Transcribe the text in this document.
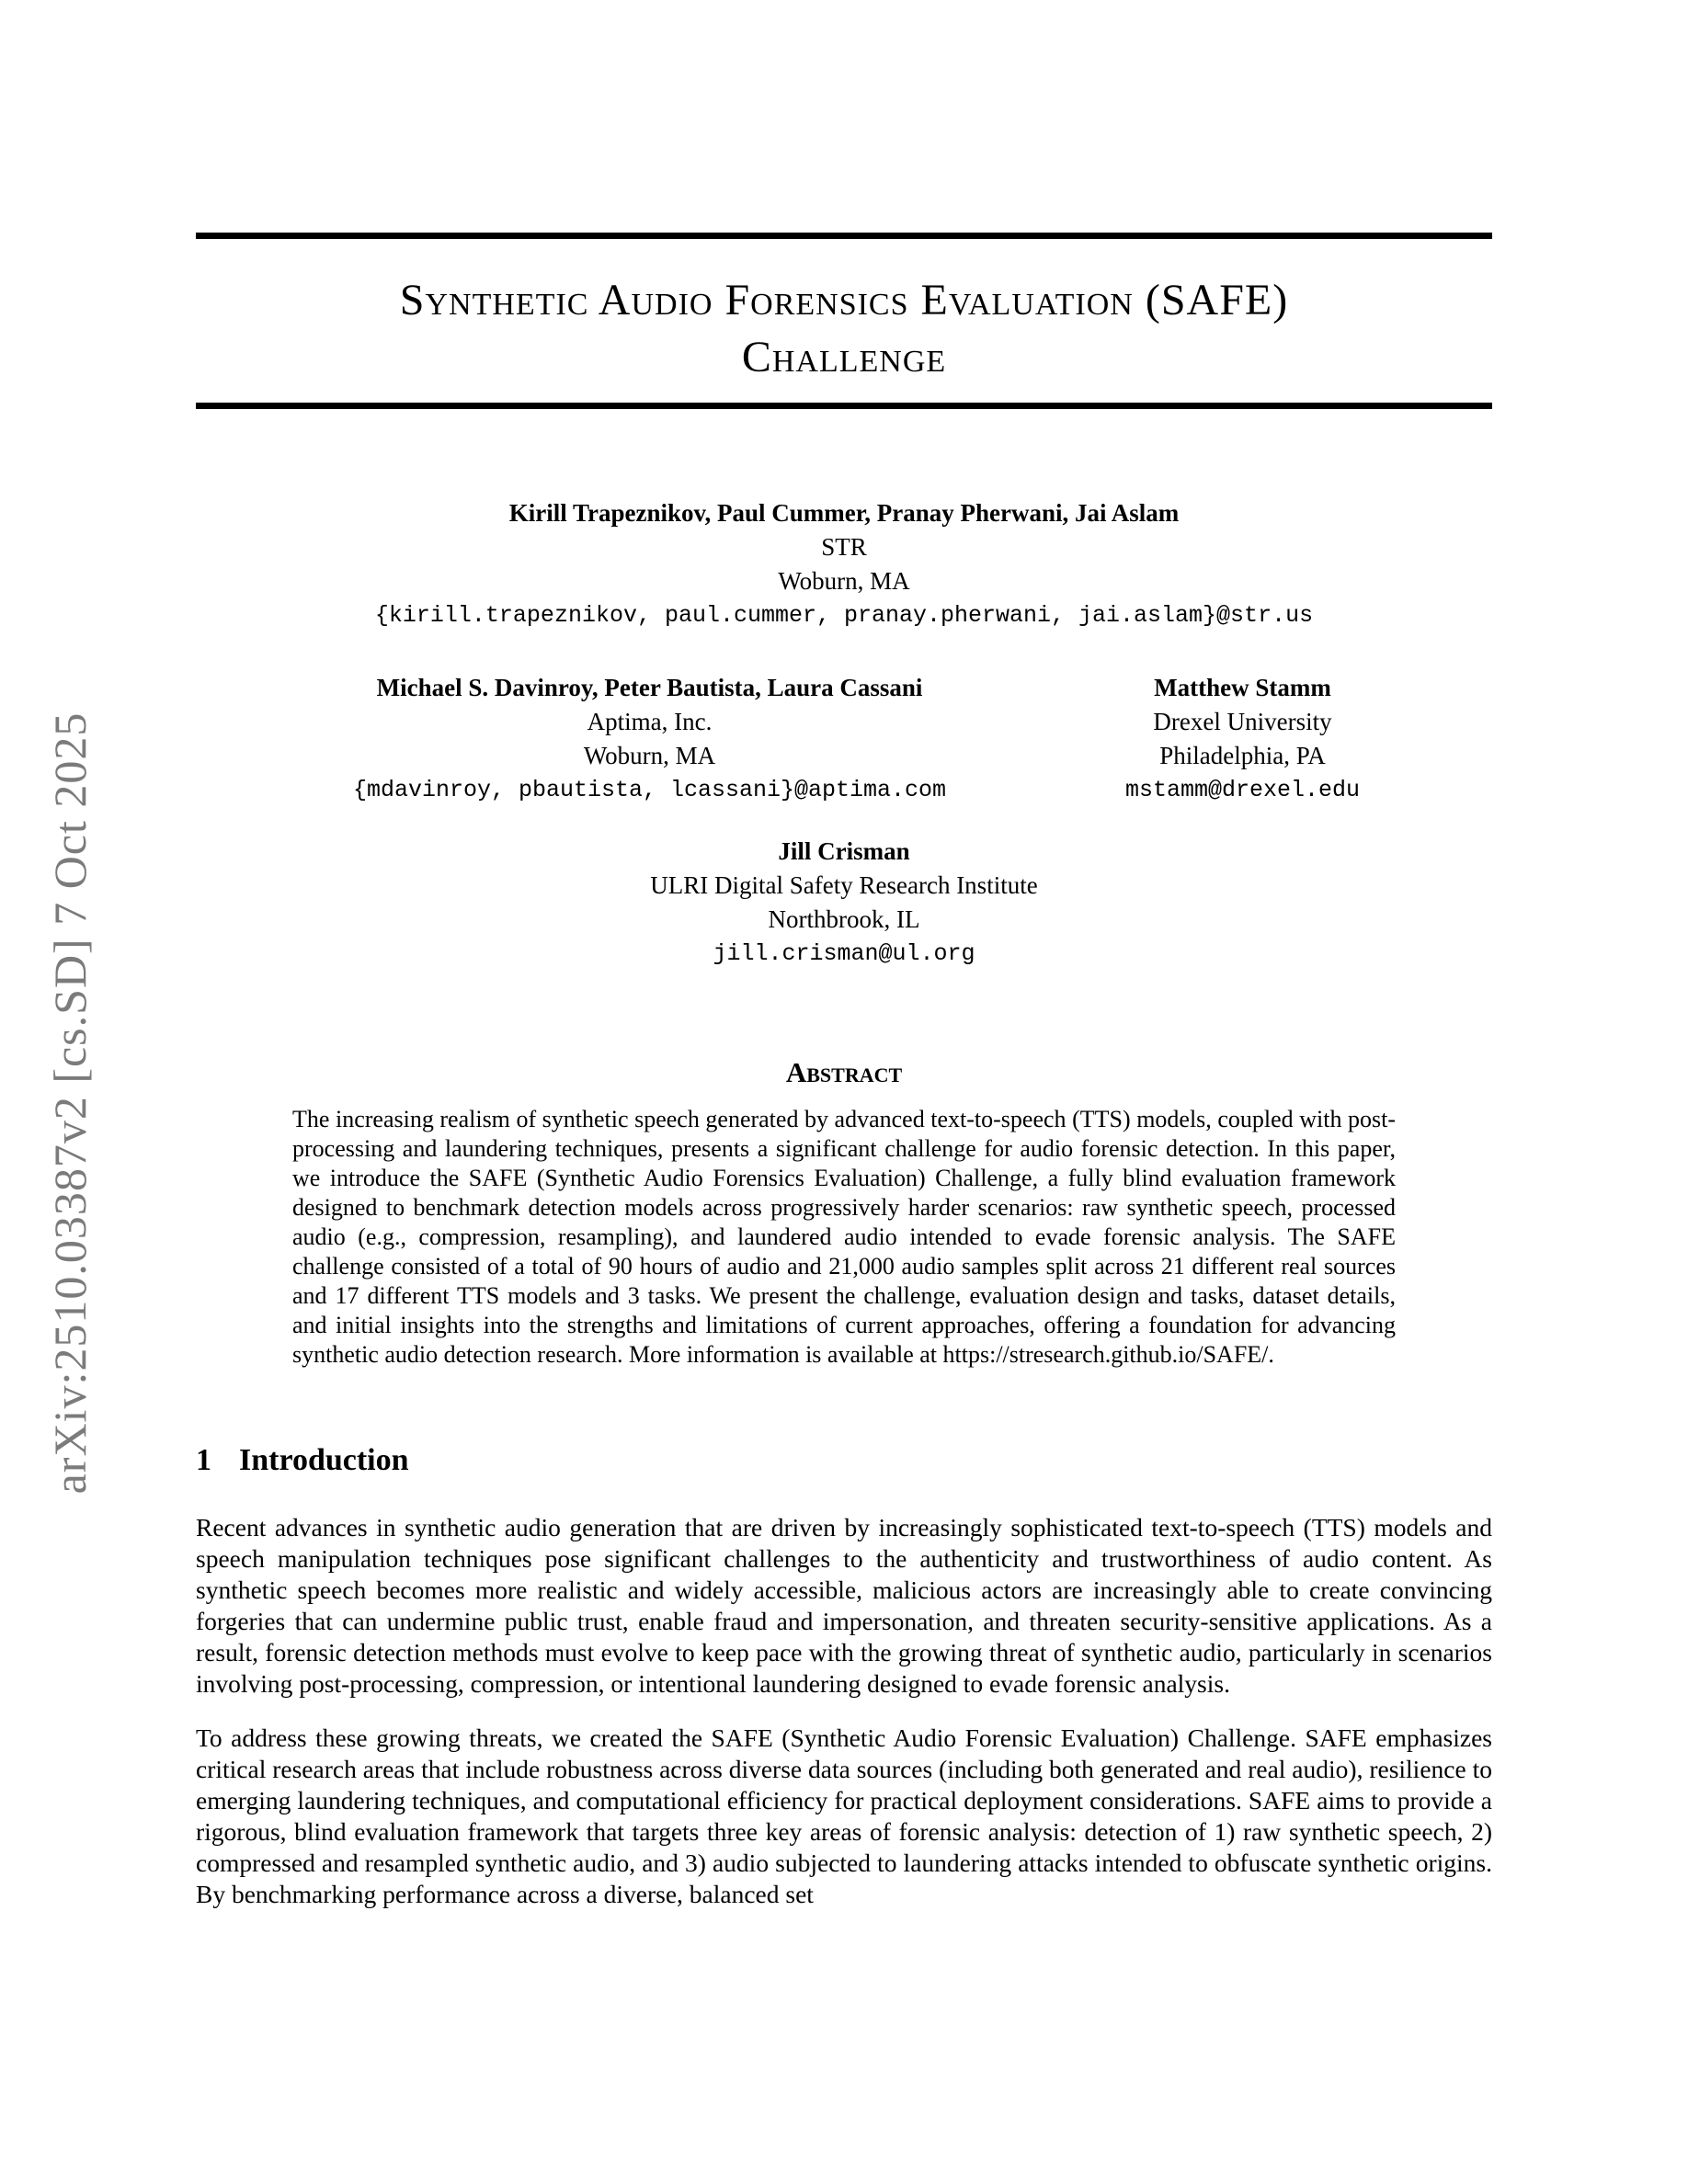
arXiv:2510.03387v2 [cs.SD] 7 Oct 2025
Synthetic Audio Forensics Evaluation (SAFE)
Challenge
Kirill Trapeznikov, Paul Cummer, Pranay Pherwani, Jai Aslam
STR
Woburn, MA
{kirill.trapeznikov, paul.cummer, pranay.pherwani, jai.aslam}@str.us
Michael S. Davinroy, Peter Bautista, Laura Cassani
Aptima, Inc.
Woburn, MA
{mdavinroy, pbautista, lcassani}@aptima.com
Matthew Stamm
Drexel University
Philadelphia, PA
mstamm@drexel.edu
Jill Crisman
ULRI Digital Safety Research Institute
Northbrook, IL
jill.crisman@ul.org
Abstract

The increasing realism of synthetic speech generated by advanced text-to-speech (TTS) models, coupled with post-processing and laundering techniques, presents a significant challenge for audio forensic detection. In this paper, we introduce the SAFE (Synthetic Audio Forensics Evaluation) Challenge, a fully blind evaluation framework designed to benchmark detection models across progressively harder scenarios: raw synthetic speech, processed audio (e.g., compression, resampling), and laundered audio intended to evade forensic analysis. The SAFE challenge consisted of a total of 90 hours of audio and 21,000 audio samples split across 21 different real sources and 17 different TTS models and 3 tasks. We present the challenge, evaluation design and tasks, dataset details, and initial insights into the strengths and limitations of current approaches, offering a foundation for advancing synthetic audio detection research. More information is available at https://stresearch.github.io/SAFE/.

1 Introduction

Recent advances in synthetic audio generation that are driven by increasingly sophisticated text-to-speech (TTS) models and speech manipulation techniques pose significant challenges to the authenticity and trustworthiness of audio content. As synthetic speech becomes more realistic and widely accessible, malicious actors are increasingly able to create convincing forgeries that can undermine public trust, enable fraud and impersonation, and threaten security-sensitive applications. As a result, forensic detection methods must evolve to keep pace with the growing threat of synthetic audio, particularly in scenarios involving post-processing, compression, or intentional laundering designed to evade forensic analysis.

To address these growing threats, we created the SAFE (Synthetic Audio Forensic Evaluation) Challenge. SAFE emphasizes critical research areas that include robustness across diverse data sources (including both generated and real audio), resilience to emerging laundering techniques, and computational efficiency for practical deployment considerations. SAFE aims to provide a rigorous, blind evaluation framework that targets three key areas of forensic analysis: detection of 1) raw synthetic speech, 2) compressed and resampled synthetic audio, and 3) audio subjected to laundering attacks intended to obfuscate synthetic origins. By benchmarking performance across a diverse, balanced set
